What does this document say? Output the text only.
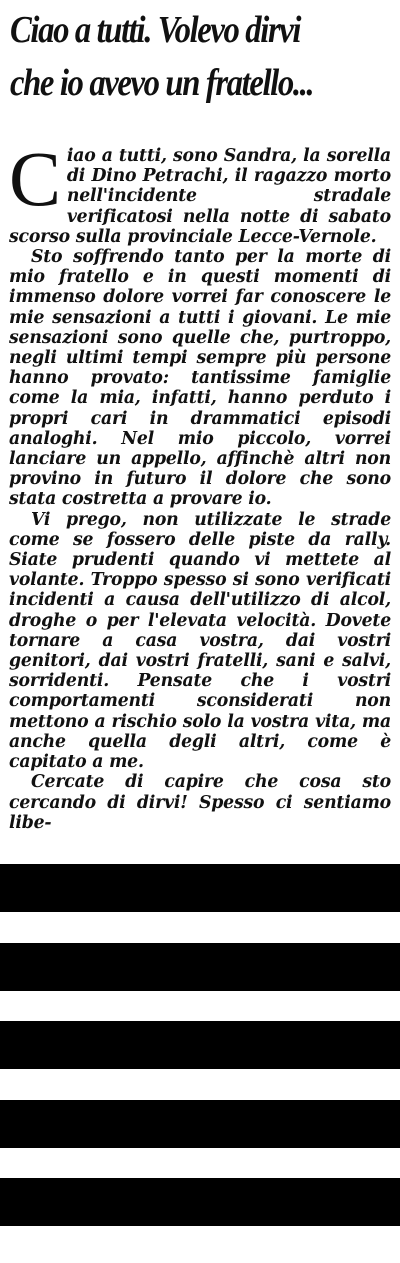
Ciao a tutti. Volevo dirvi
che io avevo un fratello...

Ciao a tutti, sono Sandra, la sorella di Dino Petrachi, il ragazzo morto nell'incidente stradale verificatosi nella notte di sabato scorso sulla provinciale Lecce-Vernole.

Sto soffrendo tanto per la morte di mio fratello e in questi momenti di immenso dolore vorrei far conoscere le mie sensazioni a tutti i giovani. Le mie sensazioni sono quelle che, purtroppo, negli ultimi tempi sempre più persone hanno provato: tantissime famiglie come la mia, infatti, hanno perduto i propri cari in drammatici episodi analoghi. Nel mio piccolo, vorrei lanciare un appello, affinchè altri non provino in futuro il dolore che sono stata costretta a provare io.

Vi prego, non utilizzate le strade come se fossero delle piste da rally. Siate prudenti quando vi mettete al volante. Troppo spesso si sono verificati incidenti a causa dell'utilizzo di alcol, droghe o per l'elevata velocità. Dovete tornare a casa vostra, dai vostri genitori, dai vostri fratelli, sani e salvi, sorridenti. Pensate che i vostri comportamenti sconsiderati non mettono a rischio solo la vostra vita, ma anche quella degli altri, come è capitato a me.

Cercate di capire che cosa sto cercando di dirvi! Spesso ci sentiamo libe-
